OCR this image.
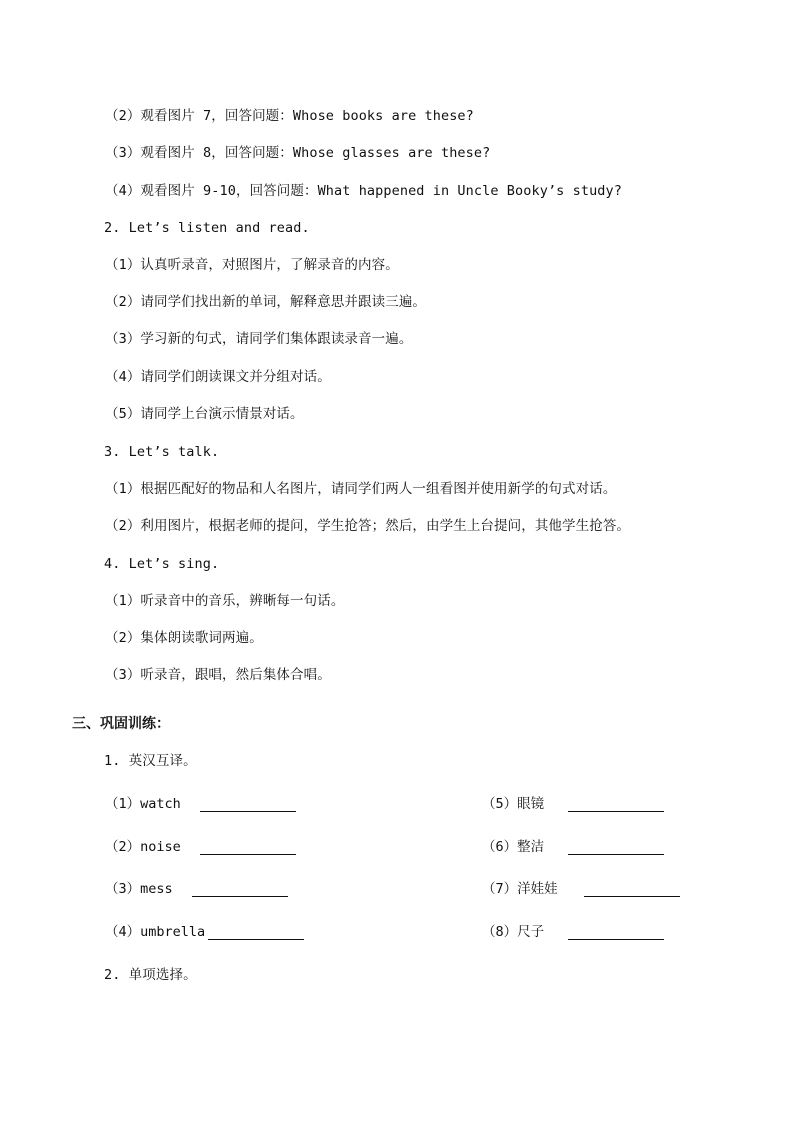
（2）观看图片 7，回答问题：Whose books are these?
（3）观看图片 8，回答问题：Whose glasses are these?
（4）观看图片 9-10，回答问题：What happened in Uncle Booky’s study?
2. Let’s listen and read.
（1）认真听录音，对照图片，了解录音的内容。
（2）请同学们找出新的单词，解释意思并跟读三遍。
（3）学习新的句式，请同学们集体跟读录音一遍。
（4）请同学们朗读课文并分组对话。
（5）请同学上台演示情景对话。
3. Let’s talk.
（1）根据匹配好的物品和人名图片，请同学们两人一组看图并使用新学的句式对话。
（2）利用图片，根据老师的提问，学生抢答；然后，由学生上台提问，其他学生抢答。
4. Let’s sing.
（1）听录音中的音乐，辨晰每一句话。
（2）集体朗读歌词两遍。
（3）听录音，跟唱，然后集体合唱。
三、巩固训练：
1. 英汉互译。
（1）watch
（2）noise
（3）mess
（4）umbrella
（5）眼镜
（6）整洁
（7）洋娃娃
（8）尺子
2. 单项选择。
